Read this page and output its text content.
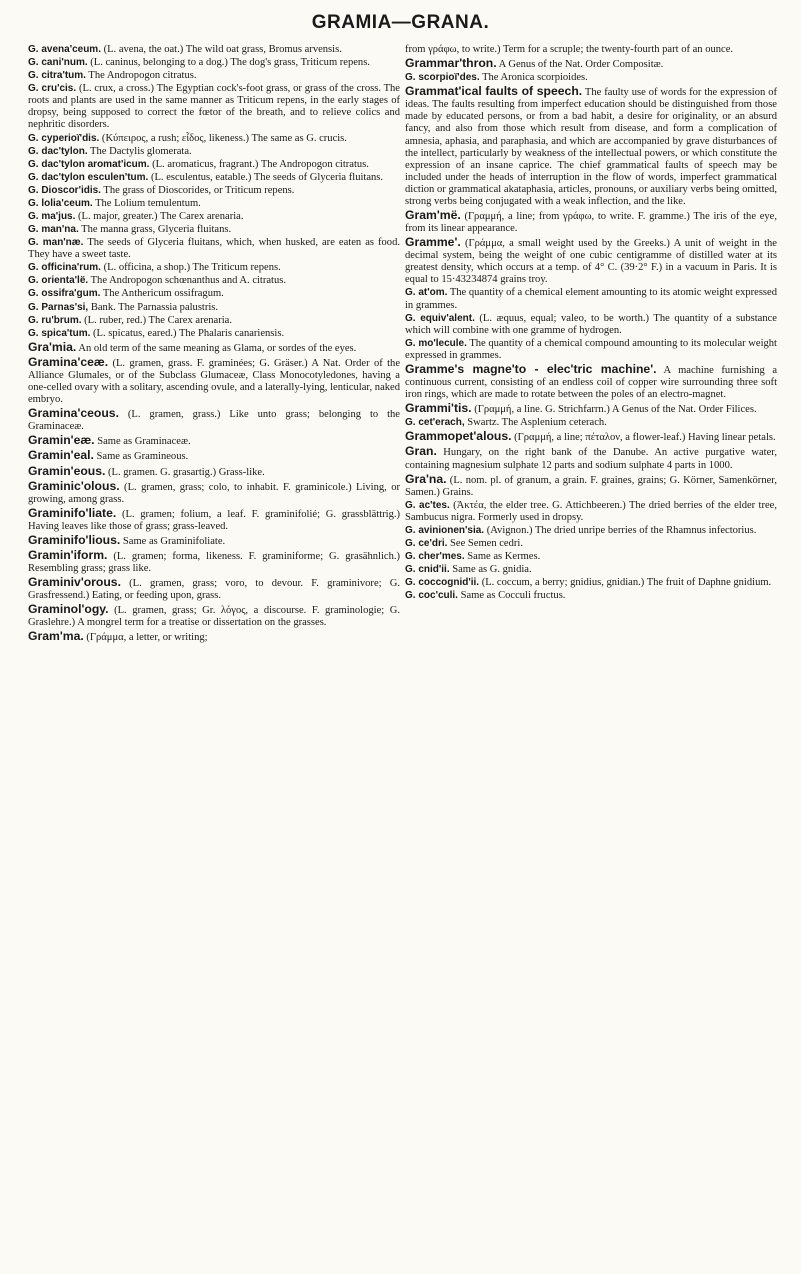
GRAMIA—GRANA.

G. avena'ceum. (L. avena, the oat.) The wild oat grass, Bromus arvensis.

G. cani'num. (L. caninus, belonging to a dog.) The dog's grass, Triticum repens.

G. citra'tum. The Andropogon citratus.

G. cru'cis. (L. crux, a cross.) The Egyptian cock's-foot grass, or grass of the cross. The roots and plants are used in the same manner as Triticum repens, in the early stages of dropsy, being supposed to correct the fœtor of the breath, and to relieve colics and nephritic disorders.

G. cyperioï'dis. (Κύπειρος, a rush; εἶδος, likeness.) The same as G. crucis.

G. dac'tylon. The Dactylis glomerata.

G. dac'tylon aromat'icum. (L. aromaticus, fragrant.) The Andropogon citratus.

G. dac'tylon esculen'tum. (L. esculentus, eatable.) The seeds of Glyceria fluitans.

G. Dioscor'idis. The grass of Dioscorides, or Triticum repens.

G. lolia'ceum. The Lolium temulentum.

G. ma'jus. (L. major, greater.) The Carex arenaria.

G. man'na. The manna grass, Glyceria fluitans.

G. man'næ. The seeds of Glyceria fluitans, which, when husked, are eaten as food. They have a sweet taste.

G. officina'rum. (L. officina, a shop.) The Triticum repens.

G. orienta'lë. The Andropogon schœnanthus and A. citratus.

G. ossifra'gum. The Anthericum ossifragum.

G. Parnas'si, Bank. The Parnassia palustris.

G. ru'brum. (L. ruber, red.) The Carex arenaria.

G. spica'tum. (L. spicatus, eared.) The Phalaris canariensis.

Gra'mia. An old term of the same meaning as Glama, or sordes of the eyes.

Gramina'ceæ. (L. gramen, grass. F. graminées; G. Gräser.) A Nat. Order of the Alliance Glumales, or of the Subclass Glumaceæ, Class Monocotyledones, having a one-celled ovary with a solitary, ascending ovule, and a laterally-lying, lenticular, naked embryo.

Gramina'ceous. (L. gramen, grass.) Like unto grass; belonging to the Graminaceæ.

Gramin'eæ. Same as Graminaceæ.

Gramin'eal. Same as Gramineous.

Gramin'eous. (L. gramen. G. grasartig.) Grass-like.

Graminic'olous. (L. gramen, grass; colo, to inhabit. F. graminicole.) Living, or growing, among grass.

Graminifo'liate. (L. gramen; folium, a leaf. F. graminifolié; G. grassblättrig.) Having leaves like those of grass; grass-leaved.

Graminifo'lious. Same as Graminifoliate.

Gramin'iform. (L. gramen; forma, likeness. F. graminiforme; G. grasähnlich.) Resembling grass; grass like.

Graminiv'orous. (L. gramen, grass; voro, to devour. F. graminivore; G. Grasfressend.) Eating, or feeding upon, grass.

Graminol'ogy. (L. gramen, grass; Gr. λόγος, a discourse. F. graminologie; G. Graslehre.) A mongrel term for a treatise or dissertation on the grasses.

Gram'ma. (Γράμμα, a letter, or writing;

from γράφω, to write.) Term for a scruple; the twenty-fourth part of an ounce.

Grammar'thron. A Genus of the Nat. Order Compositæ.

G. scorpioï'des. The Aronica scorpioides.

Grammat'ical faults of speech. The faulty use of words for the expression of ideas. The faults resulting from imperfect education should be distinguished from those made by educated persons, or from a bad habit, a desire for originality, or an absurd fancy, and also from those which result from disease, and form a complication of amnesia, aphasia, and paraphasia, and which are accompanied by grave disturbances of the intellect, particularly by weakness of the intellectual powers, or which constitute the expression of an insane caprice. The chief grammatical faults of speech may be included under the heads of interruption in the flow of words, imperfect grammatical diction or grammatical akataphasia, articles, pronouns, or auxiliary verbs being omitted, strong verbs being conjugated with a weak inflection, and the like.

Gram'më. (Γραμμή, a line; from γράφω, to write. F. gramme.) The iris of the eye, from its linear appearance.

Gramme'. (Γράμμα, a small weight used by the Greeks.) A unit of weight in the decimal system, being the weight of one cubic centigramme of distilled water at its greatest density, which occurs at a temp. of 4° C. (39·2° F.) in a vacuum in Paris. It is equal to 15·43234874 grains troy.

G. at'om. The quantity of a chemical element amounting to its atomic weight expressed in grammes.

G. equiv'alent. (L. æquus, equal; valeo, to be worth.) The quantity of a substance which will combine with one gramme of hydrogen.

G. mo'lecule. The quantity of a chemical compound amounting to its molecular weight expressed in grammes.

Gramme's magne'to - elec'tric machine'. A machine furnishing a continuous current, consisting of an endless coil of copper wire surrounding three soft iron rings, which are made to rotate between the poles of an electro-magnet.

Grammi'tis. (Γραμμή, a line. G. Strichfarrn.) A Genus of the Nat. Order Filices.

G. cet'erach, Swartz. The Asplenium ceterach.

Grammopet'alous. (Γραμμή, a line; πέταλον, a flower-leaf.) Having linear petals.

Gran. Hungary, on the right bank of the Danube. An active purgative water, containing magnesium sulphate 12 parts and sodium sulphate 4 parts in 1000.

Gra'na. (L. nom. pl. of granum, a grain. F. graines, grains; G. Körner, Samenkörner, Samen.) Grains.

G. ac'tes. (Ἀκτέα, the elder tree. G. Attichbeeren.) The dried berries of the elder tree, Sambucus nigra. Formerly used in dropsy.

G. avinionen'sia. (Avignon.) The dried unripe berries of the Rhamnus infectorius.

G. ce'dri. See Semen cedri.

G. cher'mes. Same as Kermes.

G. cnid'ii. Same as G. gnidia.

G. coccognid'ii. (L. coccum, a berry; gnidius, gnidian.) The fruit of Daphne gnidium.

G. coc'culi. Same as Cocculi fructus.
